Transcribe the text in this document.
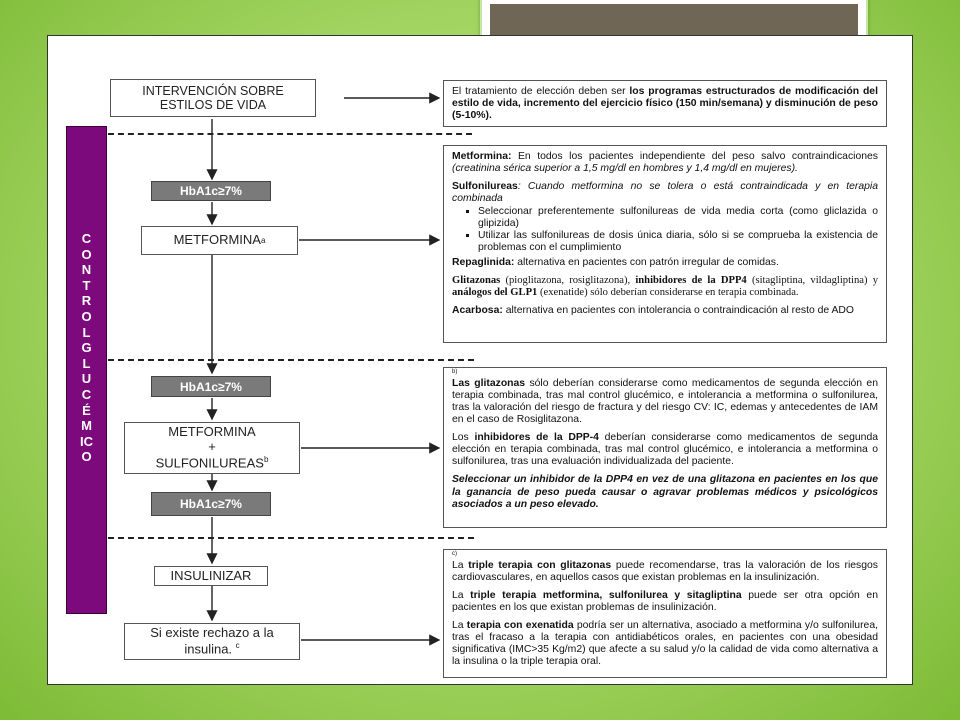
CONTROL GLUCÉMICO
INTERVENCIÓN SOBRE ESTILOS DE VIDA
HbA1c≥7%
METFORMINA a
HbA1c≥7%
METFORMINA
+
$SULFONILUREAS^b$
HbA1c≥7%
INSULINIZAR
Si existe rechazo a la insulina. $^c$
El tratamiento de elección deben ser los programas estructurados de modificación del estilo de vida, incremento del ejercicio físico (150 min/semana) y disminución de peso (5-10%).

Metformina: En todos los pacientes independiente del peso salvo contraindicaciones (creatinina sérica superior a 1,5 mg/dl en hombres y 1,4 mg/dl en mujeres).

Sulfonilureas: Cuando metformina no se tolera o está contraindicada y en terapia combinada

▪ Seleccionar preferentemente sulfonilureas de vida media corta (como gliclazida o glipizida)
▪ Utilizar las sulfonilureas de dosis única diaria, sólo si se comprueba la existencia de problemas con el cumplimiento

Repaglinida: alternativa en pacientes con patrón irregular de comidas.

Glitazonas (pioglitazona, rosiglitazona), inhibidores de la DPP4 (sitagliptina, vildagliptina) y análogos del GLP1 (exenatide) sólo deberían considerarse en terapia combinada.

Acarbosa: alternativa en pacientes con intolerancia o contraindicación al resto de ADO

b)

Las glitazonas sólo deberían considerarse como medicamentos de segunda elección en terapia combinada, tras mal control glucémico, e intolerancia a metformina o sulfonilurea, tras la valoración del riesgo de fractura y del riesgo CV: IC, edemas y antecedentes de IAM en el caso de Rosiglitazona.

Los inhibidores de la DPP-4 deberían considerarse como medicamentos de segunda elección en terapia combinada, tras mal control glucémico, e intolerancia a metformina o sulfonilurea, tras una evaluación individualizada del paciente.

Seleccionar un inhibidor de la DPP4 en vez de una glitazona en pacientes en los que la ganancia de peso pueda causar o agravar problemas médicos y psicológicos asociados a un peso elevado.

c)

La triple terapia con glitazonas puede recomendarse, tras la valoración de los riesgos cardiovasculares, en aquellos casos que existan problemas en la insulinización.

La triple terapia metformina, sulfonilurea y sitagliptina puede ser otra opción en pacientes en los que existan problemas de insulinización.

La terapia con exenatida podría ser un alternativa, asociado a metformina y/o sulfonilurea, tras el fracaso a la terapia con antidiabéticos orales, en pacientes con una obesidad significativa (IMC>35 Kg/m2) que afecte a su salud y/o la calidad de vida como alternativa a la insulina o la triple terapia oral.
